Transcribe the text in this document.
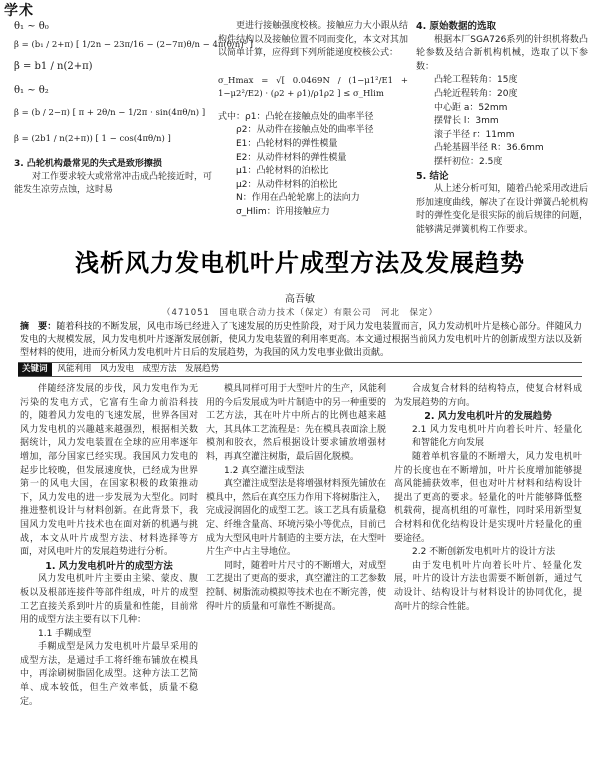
学术
θ₁ ~ θ₀
β = (b₁ / 2+π) [ 1/2n − 23π/16 − (2−7π)θ/n − 4π(θ/n)³ ]
β = b1 / n(2+π)
θ₁ ~ θ₂
β = (b / 2−π) [ π + 2θ/n − 1/2π · sin(4πθ/n) ]
β = (2b1 / n(2+π)) [ 1 − cos(4πθ/n) ]
3. 凸轮机构最常见的失式是致形擦损
对工作要求较大或常常冲击成凸轮接近时，可能发生凉劳点蚀，这时易

更进行接触强度校核。接触应力大小跟从结构件结构以及接触位置不同而变化，本文对其加以简单计算，应得到下列所能递度校核公式：

σ_Hmax = √[ 0.0469N / (1−μ1²/E1 + 1−μ2²/E2) · (ρ2 + ρ1)/ρ1ρ2 ] ≤ σ_Hlim
式中：ρ1：凸轮在接触点处的曲率半径
ρ2：从动件在接触点处的曲率半径
E1：凸轮材料的弹性模量
E2：从动件材料的弹性模量
μ1：凸轮材料的泊松比
μ2：从动件材料的泊松比
N：作用在凸轮轮廓上的法向力
σ_Hlim：许用接触应力

4. 原始数据的选取

根据本厂SGA726系列的针织机将数凸轮参数及结合新机构机械，选取了以下参数：

凸轮工程转角：15度
凸轮近程转角：20度
中心距 a：52mm
摆臂长 l：3mm
滚子半径 r：11mm
凸轮基圆半径 R：36.6mm
摆杆初位：2.5度

5. 结论

从上述分析可知，随着凸轮采用改进后形加速度曲线，解决了在设计弹簧凸轮机构时的弹性变化是很实际的前后规律的问题，能够满足弹簧机构工作要求。

浅析风力发电机叶片成型方法及发展趋势
高吾敏
（471051　国电联合动力技术（保定）有限公司　河北　保定）
摘　要：随着科技的不断发展，风电市场已经进入了飞速发展的历史性阶段，对于风力发电装置而言，风力发动机叶片是核心部分。伴随风力发电的大规模发展，风力发电机叶片逐渐发展创新，使风力发电装置的利用率更高。本文通过根据当前风力发电机叶片的创新成型方法以及新型材料的使用，进而分析风力发电机叶片日后的发展趋势，为我国的风力发电事业做出贡献。
关键词 风能利用　风力发电　成型方法　发展趋势

伴随经济发展的步伐，风力发电作为无污染的发电方式，它富有生命力前沿科技的，随着风力发电的飞速发展，世界各国对风力发电机的兴趣越来越强烈，根据相关数据统计，风力发电装置在全球的应用率逐年增加，部分国家已经实现。我国风力发电的起步比较晚，但发展速度快，已经成为世界第一的风电大国，在国家积极的政策推动下，风力发电的进一步发展为大型化。同时推进整机设计与材料创新。在此背景下，我国风力发电叶片技术也在面对新的机遇与挑战，本文从叶片成型方法、材料选择等方面，对风电叶片的发展趋势进行分析。

1. 风力发电机叶片的成型方法

风力发电机叶片主要由主梁、蒙皮、腹板以及根部连接件等部件组成，叶片的成型工艺直接关系到叶片的质量和性能，目前常用的成型方法主要有以下几种：

1.1 手糊成型

手糊成型是风力发电机叶片最早采用的成型方法，是通过手工将纤维布铺放在模具中，再涂刷树脂固化成型。这种方法工艺简单、成本较低，但生产效率低，质量不稳定。

模具同样可用于大型叶片的生产，风能利用的今后发展成为叶片制造中的另一种重要的工艺方法，其在叶片中所占的比例也越来越大，其具体工艺流程是：先在模具表面涂上脱模剂和胶衣，然后根据设计要求铺放增强材料，再真空灌注树脂，最后固化脱模。

1.2 真空灌注成型法

真空灌注成型法是将增强材料预先铺放在模具中，然后在真空压力作用下将树脂注入，完成浸润固化的成型工艺。该工艺具有质量稳定、纤维含量高、环境污染小等优点，目前已成为大型风电叶片制造的主要方法，在大型叶片生产中占主导地位。

同时，随着叶片尺寸的不断增大，对成型工艺提出了更高的要求，真空灌注的工艺参数控制、树脂流动模拟等技术也在不断完善，使得叶片的质量和可靠性不断提高。

合成复合材料的结构特点，使复合材料成为发展趋势的方向。

2. 风力发电机叶片的发展趋势

2.1 风力发电机叶片向着长叶片、轻量化和智能化方向发展

随着单机容量的不断增大，风力发电机叶片的长度也在不断增加，叶片长度增加能够提高风能捕获效率，但也对叶片材料和结构设计提出了更高的要求。轻量化的叶片能够降低整机载荷，提高机组的可靠性，同时采用新型复合材料和优化结构设计是实现叶片轻量化的重要途径。

2.2 不断创新发电机叶片的设计方法

由于发电机叶片向着长叶片、轻量化发展，叶片的设计方法也需要不断创新，通过气动设计、结构设计与材料设计的协同优化，提高叶片的综合性能。
